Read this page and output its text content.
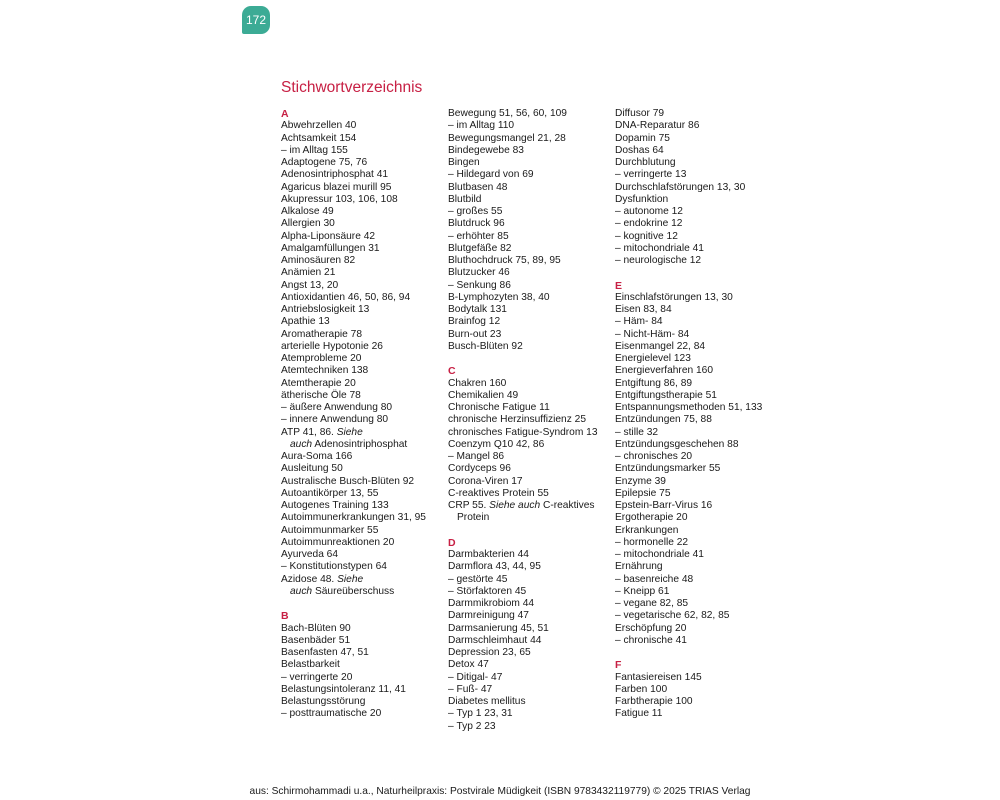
172
Stichwortverzeichnis
A
Abwehrzellen 40
Achtsamkeit 154
– im Alltag 155
Adaptogene 75, 76
Adenosintriphosphat 41
Agaricus blazei murill 95
Akupressur 103, 106, 108
Alkalose 49
Allergien 30
Alpha-Liponsäure 42
Amalgamfüllungen 31
Aminosäuren 82
Anämien 21
Angst 13, 20
Antioxidantien 46, 50, 86, 94
Antriebslosigkeit 13
Apathie 13
Aromatherapie 78
arterielle Hypotonie 26
Atemprobleme 20
Atemtechniken 138
Atemtherapie 20
ätherische Öle 78
– äußere Anwendung 80
– innere Anwendung 80
ATP 41, 86. Siehe
auch Adenosintriphosphat
Aura-Soma 166
Ausleitung 50
Australische Busch-Blüten 92
Autoantikörper 13, 55
Autogenes Training 133
Autoimmunerkrankungen 31, 95
Autoimmunmarker 55
Autoimmunreaktionen 20
Ayurveda 64
– Konstitutionstypen 64
Azidose 48. Siehe
auch Säureüberschuss
B
Bach-Blüten 90
Basenbäder 51
Basenfasten 47, 51
Belastbarkeit
– verringerte 20
Belastungsintoleranz 11, 41
Belastungsstörung
– posttraumatische 20
Bewegung 51, 56, 60, 109
– im Alltag 110
Bewegungsmangel 21, 28
Bindegewebe 83
Bingen
– Hildegard von 69
Blutbasen 48
Blutbild
– großes 55
Blutdruck 96
– erhöhter 85
Blutgefäße 82
Bluthochdruck 75, 89, 95
Blutzucker 46
– Senkung 86
B-Lymphozyten 38, 40
Bodytalk 131
Brainfog 12
Burn-out 23
Busch-Blüten 92
C
Chakren 160
Chemikalien 49
Chronische Fatigue 11
chronische Herzinsuffizienz 25
chronisches Fatigue-Syndrom 13
Coenzym Q10 42, 86
– Mangel 86
Cordyceps 96
Corona-Viren 17
C-reaktives Protein 55
CRP 55. Siehe auch C-reaktives
Protein
D
Darmbakterien 44
Darmflora 43, 44, 95
– gestörte 45
– Störfaktoren 45
Darmmikrobiom 44
Darmreinigung 47
Darmsanierung 45, 51
Darmschleimhaut 44
Depression 23, 65
Detox 47
– Ditigal- 47
– Fuß- 47
Diabetes mellitus
– Typ 1 23, 31
– Typ 2 23
Diffusor 79
DNA-Reparatur 86
Dopamin 75
Doshas 64
Durchblutung
– verringerte 13
Durchschlafstörungen 13, 30
Dysfunktion
– autonome 12
– endokrine 12
– kognitive 12
– mitochondriale 41
– neurologische 12
E
Einschlafstörungen 13, 30
Eisen 83, 84
– Häm- 84
– Nicht-Häm- 84
Eisenmangel 22, 84
Energielevel 123
Energieverfahren 160
Entgiftung 86, 89
Entgiftungstherapie 51
Entspannungsmethoden 51, 133
Entzündungen 75, 88
– stille 32
Entzündungsgeschehen 88
– chronisches 20
Entzündungsmarker 55
Enzyme 39
Epilepsie 75
Epstein-Barr-Virus 16
Ergotherapie 20
Erkrankungen
– hormonelle 22
– mitochondriale 41
Ernährung
– basenreiche 48
– Kneipp 61
– vegane 82, 85
– vegetarische 62, 82, 85
Erschöpfung 20
– chronische 41
F
Fantasiereisen 145
Farben 100
Farbtherapie 100
Fatigue 11
aus: Schirmohammadi u.a., Naturheilpraxis: Postvirale Müdigkeit (ISBN 9783432119779) © 2025 TRIAS Verlag
